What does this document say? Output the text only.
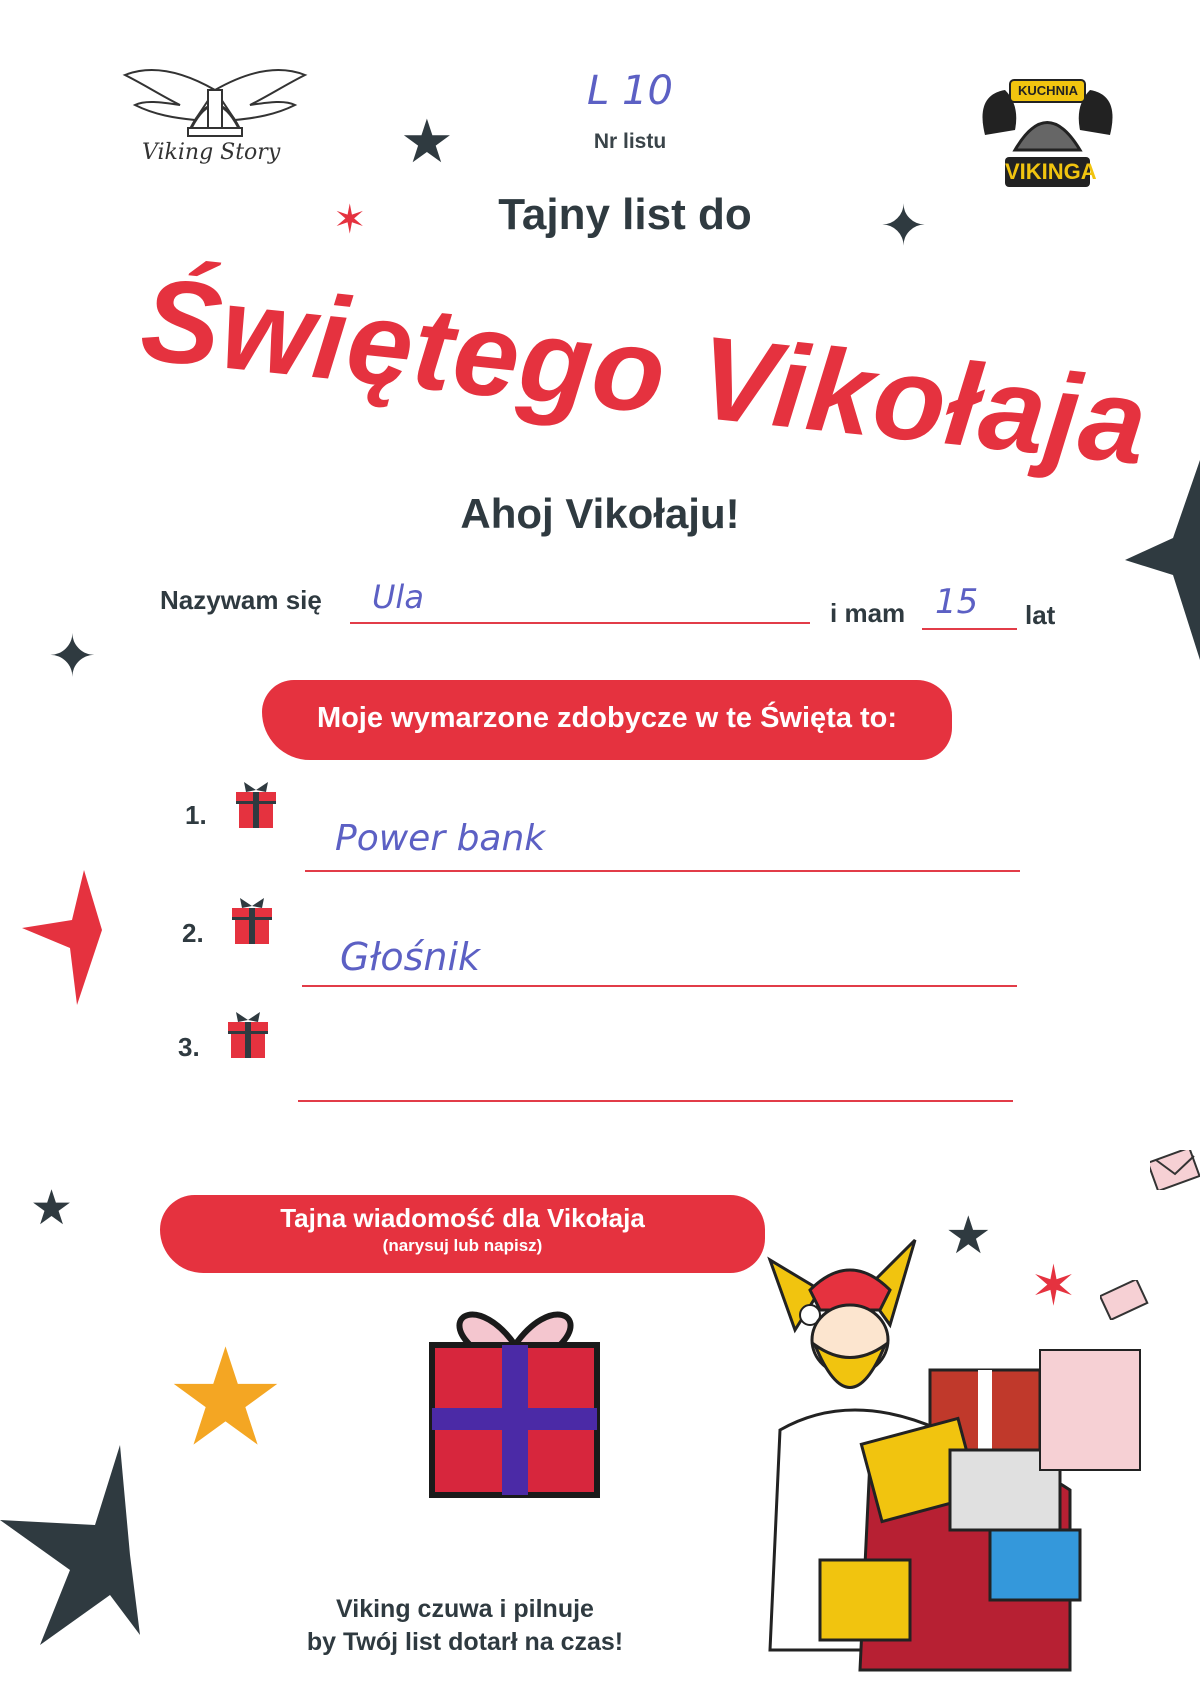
Viking Story
L 10
Nr listu
KUCHNIA
VIKINGA
★
✶	✦
Tajny list do
Świętego Vikołaja
Ahoj Vikołaju!
Nazywam się Ula	i mam 15 lat
✦
Moje wymarzone zdobycze w te Święta to:
1.
Power bank
2.
Głośnik
3.
★	★
✶
★
Tajna wiadomość dla Vikołaja
(narysuj lub napisz)
Viking czuwa i pilnuje
by Twój list dotarł na czas!
